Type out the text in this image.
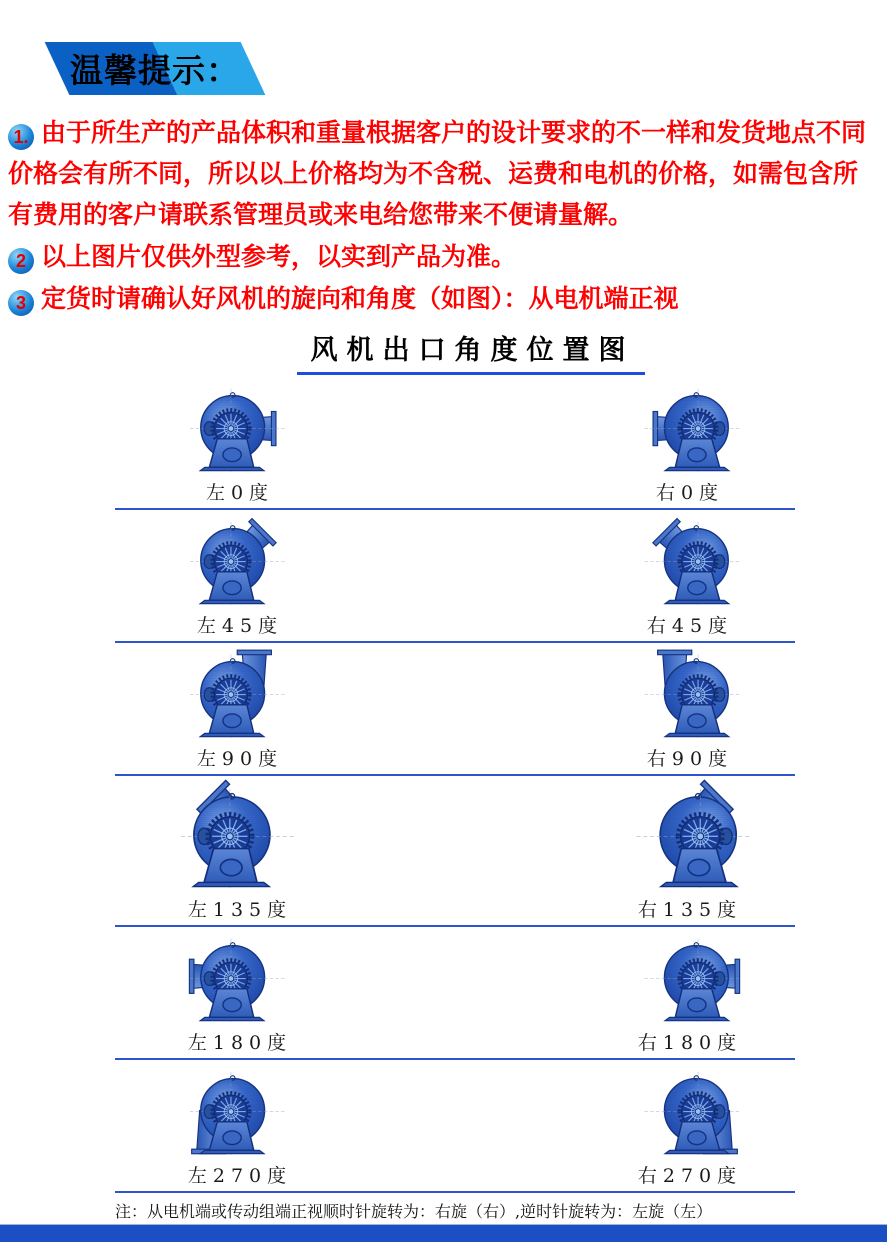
温馨提示：

1. 由于所生产的产品体积和重量根据客户的设计要求的不一样和发货地点不同价格会有所不同，所以以上价格均为不含税、运费和电机的价格，如需包含所有费用的客户请联系管理员或来电给您带来不便请量解。

2 以上图片仅供外型参考，以实到产品为准。

3 定货时请确认好风机的旋向和角度（如图）：从电机端正视

风机出口角度位置图
左0度	右0度
左45度	右45度
左90度	右90度
左135度	右135度
左180度	右180度
左270度	右270度
注：从电机端或传动组端正视顺时针旋转为：右旋（右）,逆时针旋转为：左旋（左）
